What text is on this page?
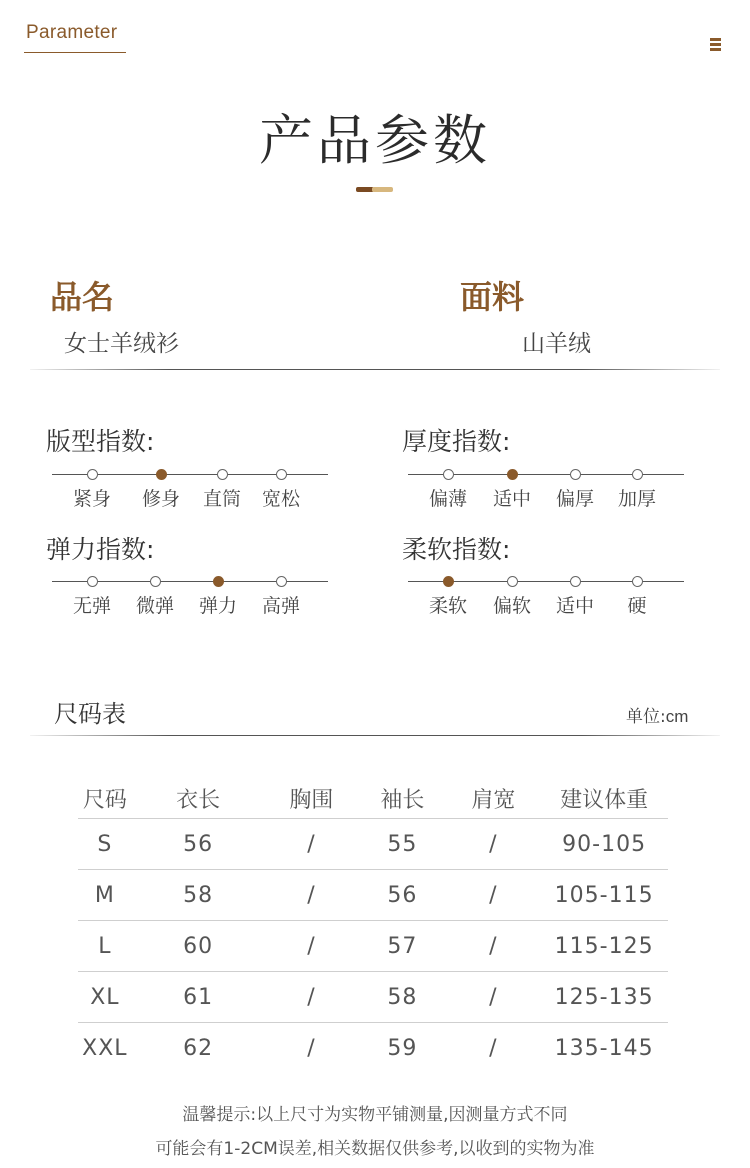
Parameter
产品参数
品名
女士羊绒衫
面料
山羊绒
版型指数:
紧身 修身 直筒 宽松
厚度指数:
偏薄 适中 偏厚 加厚
弹力指数:
无弹 微弹 弹力 高弹
柔软指数:
柔软 偏软 适中 硬
尺码表	单位:cm
尺码	衣长	胸围	袖长	肩宽	建议体重
S	56	/	55	/	90-105
M	58	/	56	/	105-115
L	60	/	57	/	115-125
XL	61	/	58	/	125-135
XXL	62	/	59	/	135-145
温馨提示:以上尺寸为实物平铺测量,因测量方式不同
可能会有1-2CM误差,相关数据仅供参考,以收到的实物为准
